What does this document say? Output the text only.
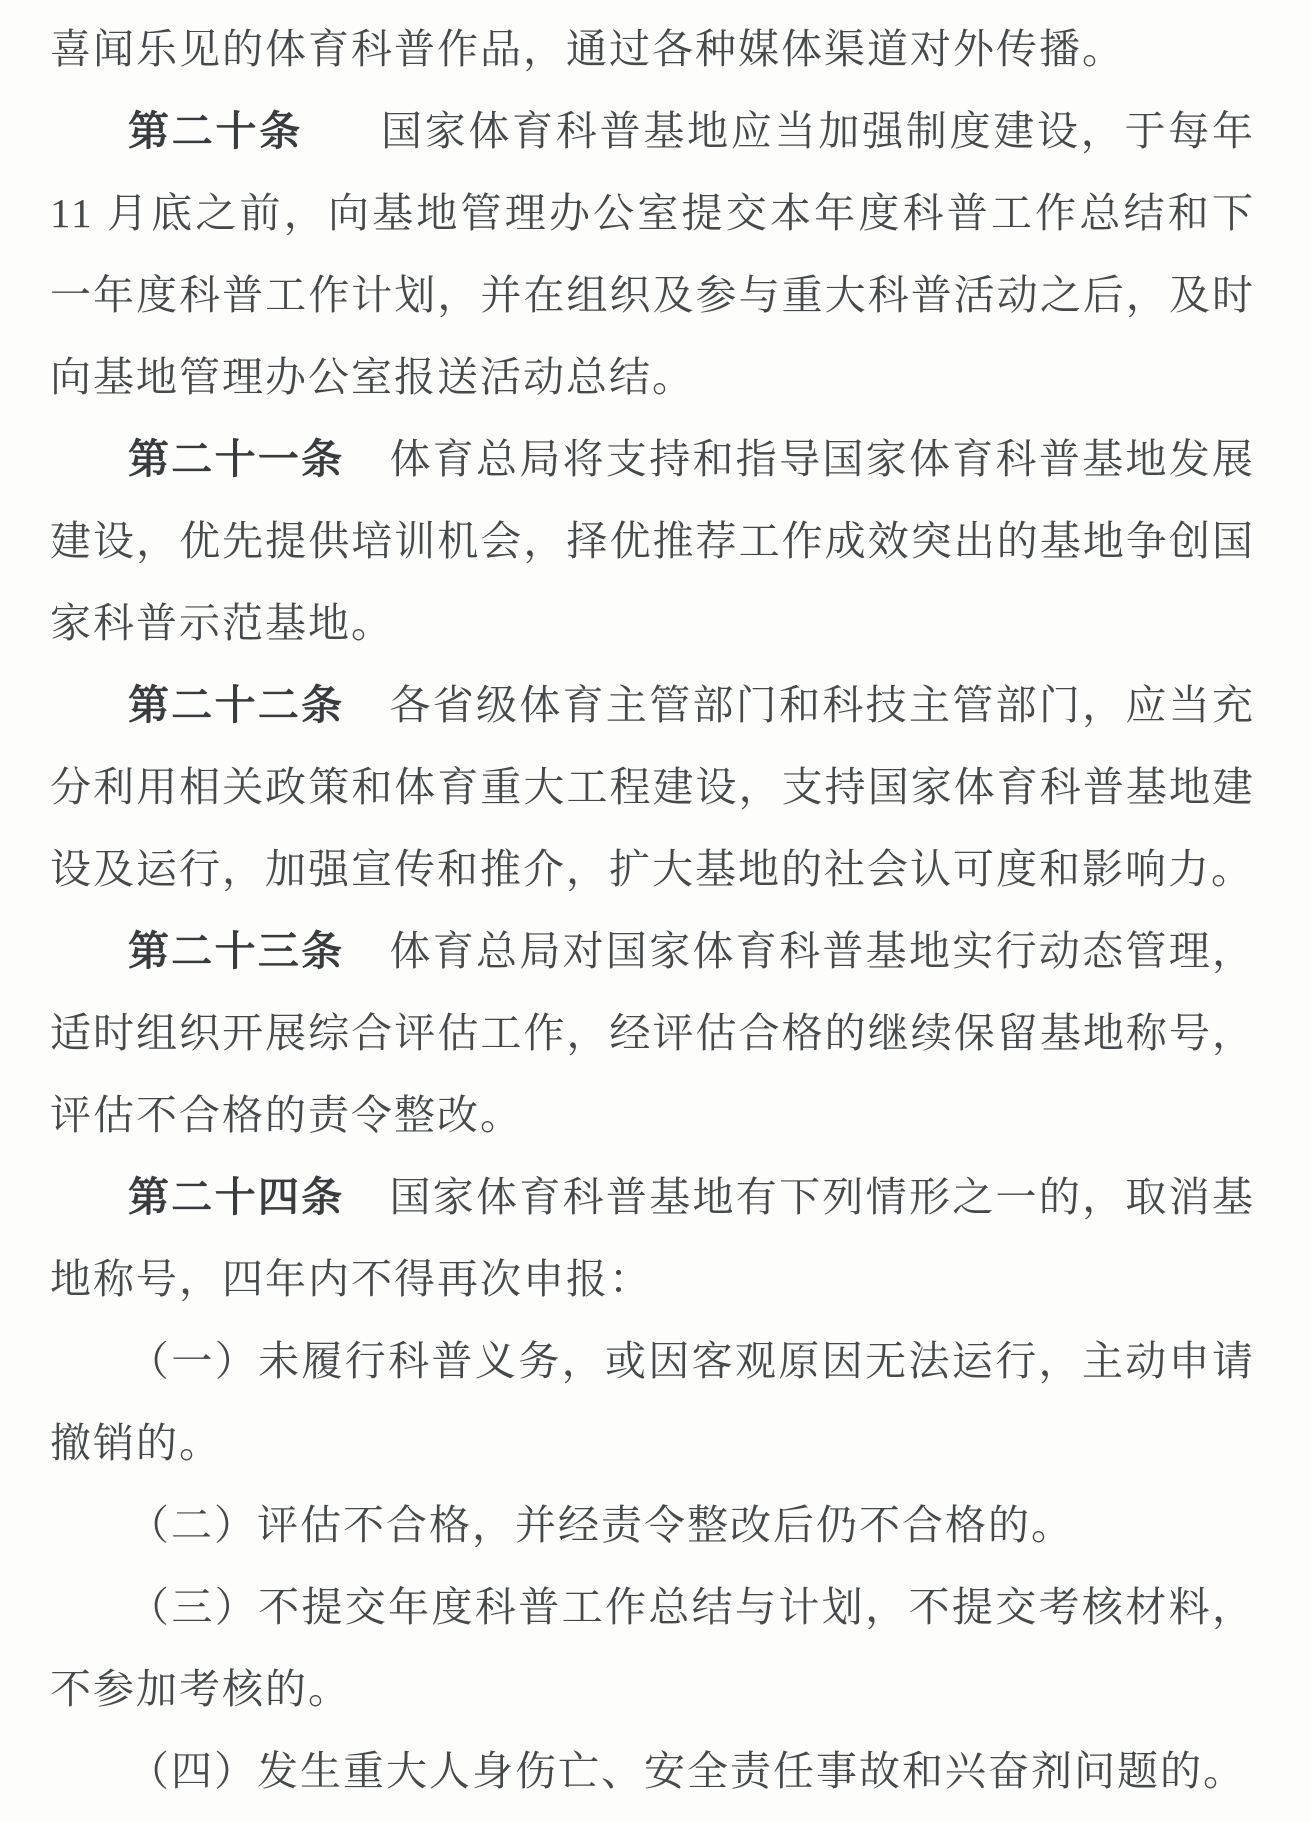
喜闻乐见的体育科普作品，通过各种媒体渠道对外传播。

第二十条 国家体育科普基地应当加强制度建设，于每年11 月底之前，向基地管理办公室提交本年度科普工作总结和下一年度科普工作计划，并在组织及参与重大科普活动之后，及时向基地管理办公室报送活动总结。

第二十一条 体育总局将支持和指导国家体育科普基地发展建设，优先提供培训机会，择优推荐工作成效突出的基地争创国家科普示范基地。

第二十二条 各省级体育主管部门和科技主管部门，应当充分利用相关政策和体育重大工程建设，支持国家体育科普基地建设及运行，加强宣传和推介，扩大基地的社会认可度和影响力。

第二十三条 体育总局对国家体育科普基地实行动态管理，适时组织开展综合评估工作，经评估合格的继续保留基地称号，评估不合格的责令整改。

第二十四条 国家体育科普基地有下列情形之一的，取消基地称号，四年内不得再次申报：

（一）未履行科普义务，或因客观原因无法运行，主动申请撤销的。

（二）评估不合格，并经责令整改后仍不合格的。

（三）不提交年度科普工作总结与计划，不提交考核材料，不参加考核的。

（四）发生重大人身伤亡、安全责任事故和兴奋剂问题的。
